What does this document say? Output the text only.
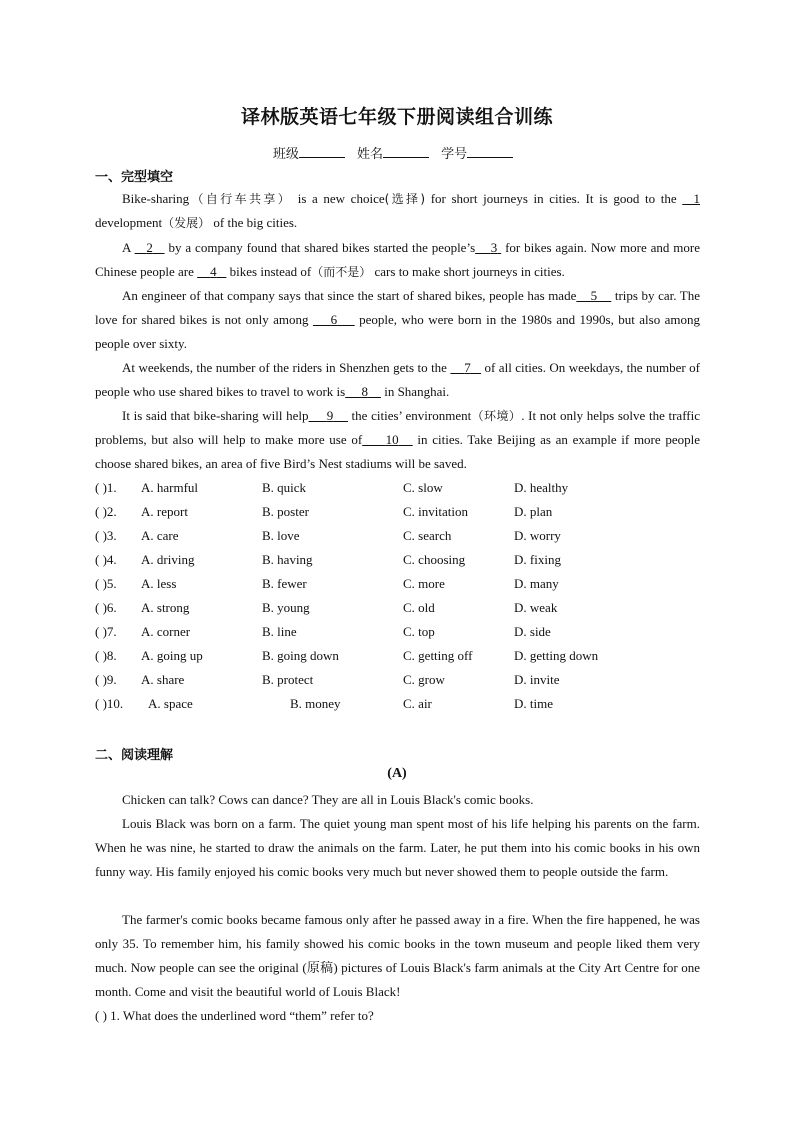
译林版英语七年级下册阅读组合训练
班级	姓名	学号
一、完型填空
Bike-sharing（自行车共享） is a new choice(选择) for short journeys in cities. It is good to the   1 development（发展） of the big cities.
A    2    by a company found that shared bikes started the people’s 3  for bikes again. Now more and more Chinese people are     4    bikes instead of（而不是） cars to make short journeys in cities.
An engineer of that company says that since the start of shared bikes, people has made 5     trips by car. The love for shared bikes is not only among     6     people, who were born in the 1980s and 1990s, but also among people over sixty.
At weekends, the number of the riders in Shenzhen gets to the     7    of all cities. On weekdays, the number of people who use shared bikes to travel to work is 8     in Shanghai.
It is said that bike-sharing will help 9     the cities’ environment（环境）. It not only helps solve the traffic problems, but also will help to make more use of 10    in cities. Take Beijing as an example if more people choose shared bikes, an area of five Bird’s Nest stadiums will be saved.
( )1. A. harmful	B. quick	C. slow	D. healthy
( )2. A. report	B. poster	C. invitation	D. plan
( )3. A. care	B. love	C. search	D. worry
( )4. A. driving	B. having	C. choosing	D. fixing
( )5. A. less	B. fewer	C. more	D. many
( )6. A. strong	B. young	C. old	D. weak
( )7. A. corner	B. line	C. top	D. side
( )8. A. going up	B. going down	C. getting off	D. getting down
( )9. A. share	B. protect	C. grow	D. invite
( )10. A. space	B. money	C. air	D. time
二、阅读理解
(A)
Chicken can talk? Cows can dance? They are all in Louis Black's comic books.
Louis Black was born on a farm. The quiet young man spent most of his life helping his parents on the farm. When he was nine, he started to draw the animals on the farm. Later, he put them into his comic books in his own funny way. His family enjoyed his comic books very much but never showed them to people outside the farm.
The farmer's comic books became famous only after he passed away in a fire. When the fire happened, he was only 35. To remember him, his family showed his comic books in the town museum and people liked them very much. Now people can see the original (原稿) pictures of Louis Black's farm animals at the City Art Centre for one month. Come and visit the beautiful world of Louis Black!
( ) 1. What does the underlined word “them” refer to?
